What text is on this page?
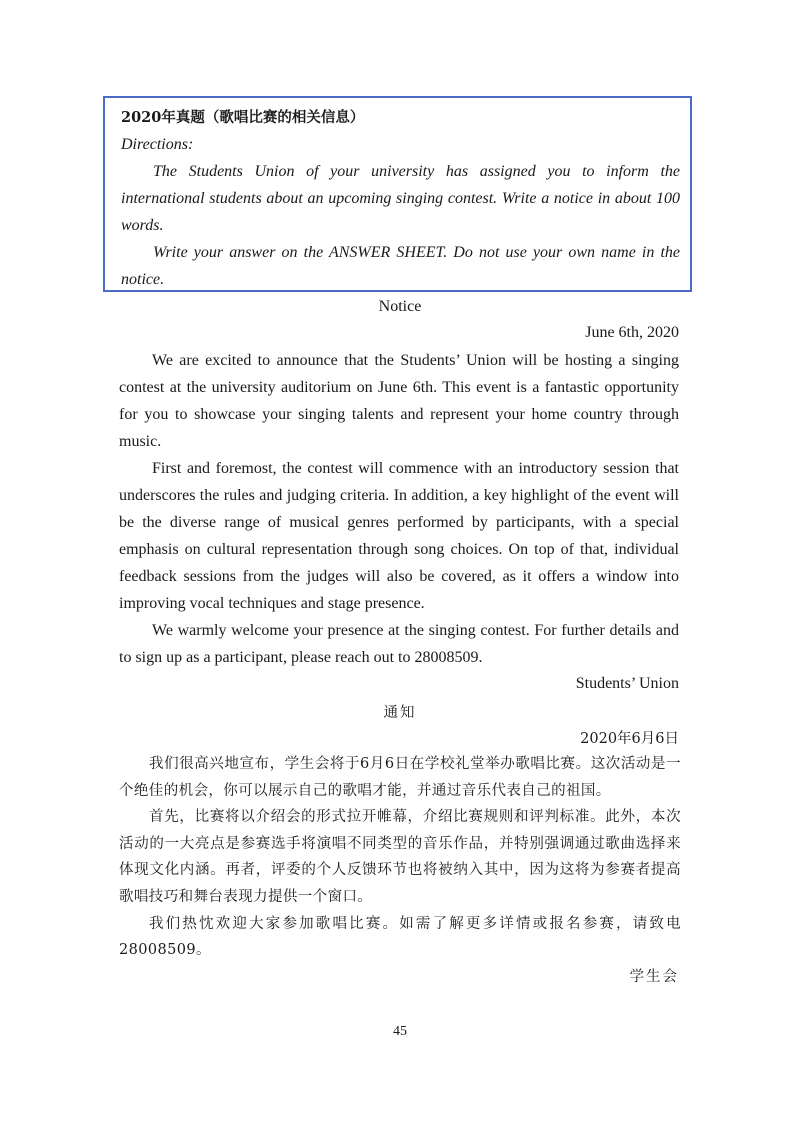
2020年真题（歌唱比赛的相关信息）

Directions:

The Students Union of your university has assigned you to inform the international students about an upcoming singing contest. Write a notice in about 100 words.

Write your answer on the ANSWER SHEET. Do not use your own name in the notice.

Notice
June 6th, 2020

We are excited to announce that the Students’ Union will be hosting a singing contest at the university auditorium on June 6th. This event is a fantastic opportunity for you to showcase your singing talents and represent your home country through music.

First and foremost, the contest will commence with an introductory session that underscores the rules and judging criteria. In addition, a key highlight of the event will be the diverse range of musical genres performed by participants, with a special emphasis on cultural representation through song choices. On top of that, individual feedback sessions from the judges will also be covered, as it offers a window into improving vocal techniques and stage presence.

We warmly welcome your presence at the singing contest. For further details and to sign up as a participant, please reach out to 28008509.

Students’ Union
通知
2020年6月6日

我们很高兴地宣布，学生会将于6月6日在学校礼堂举办歌唱比赛。这次活动是一个绝佳的机会，你可以展示自己的歌唱才能，并通过音乐代表自己的祖国。

首先，比赛将以介绍会的形式拉开帷幕，介绍比赛规则和评判标准。此外，本次活动的一大亮点是参赛选手将演唱不同类型的音乐作品，并特别强调通过歌曲选择来体现文化内涵。再者，评委的个人反馈环节也将被纳入其中，因为这将为参赛者提高歌唱技巧和舞台表现力提供一个窗口。

我们热忱欢迎大家参加歌唱比赛。如需了解更多详情或报名参赛，请致电28008509。

学生会
45
